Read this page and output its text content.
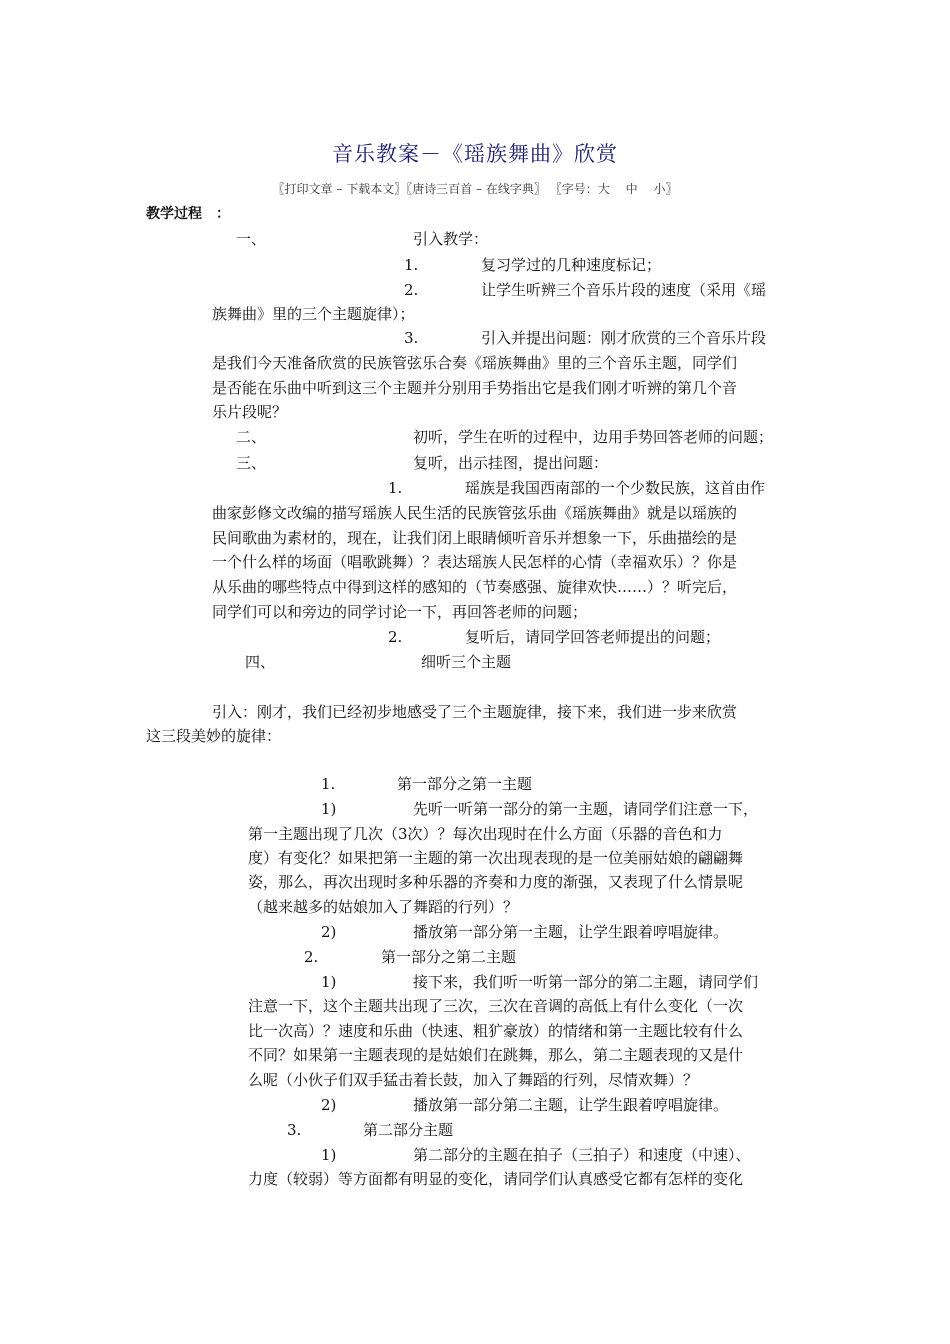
音乐教案－《瑶族舞曲》欣赏
〖打印文章 – 下载本文〗〖唐诗三百首 – 在线字典〗 〖字号：大　 中　 小〗
教学过程　：
一、	引入教学：
1.	复习学过的几种速度标记；
2.	让学生听辨三个音乐片段的速度（采用《瑶
族舞曲》里的三个主题旋律）；
3.	引入并提出问题：刚才欣赏的三个音乐片段
是我们今天准备欣赏的民族管弦乐合奏《瑶族舞曲》里的三个音乐主题，同学们
是否能在乐曲中听到这三个主题并分别用手势指出它是我们刚才听辨的第几个音
乐片段呢？
二、	初听，学生在听的过程中，边用手势回答老师的问题；
三、	复听，出示挂图，提出问题：
1.	瑶族是我国西南部的一个少数民族，这首由作
曲家彭修文改编的描写瑶族人民生活的民族管弦乐曲《瑶族舞曲》就是以瑶族的
民间歌曲为素材的，现在，让我们闭上眼睛倾听音乐并想象一下，乐曲描绘的是
一个什么样的场面（唱歌跳舞）？表达瑶族人民怎样的心情（幸福欢乐）？你是
从乐曲的哪些特点中得到这样的感知的（节奏感强、旋律欢快……）？听完后，
同学们可以和旁边的同学讨论一下，再回答老师的问题；
2.	复听后，请同学回答老师提出的问题；
四、	细听三个主题
引入：刚才，我们已经初步地感受了三个主题旋律，接下来，我们进一步来欣赏
这三段美妙的旋律：
1.	第一部分之第一主题
1)	先听一听第一部分的第一主题，请同学们注意一下，
第一主题出现了几次（3次）？每次出现时在什么方面（乐器的音色和力
度）有变化？如果把第一主题的第一次出现表现的是一位美丽姑娘的翩翩舞
姿，那么，再次出现时多种乐器的齐奏和力度的渐强，又表现了什么情景呢
（越来越多的姑娘加入了舞蹈的行列）？
2)	播放第一部分第一主题，让学生跟着哼唱旋律。
2.	第一部分之第二主题
1)	接下来，我们听一听第一部分的第二主题，请同学们
注意一下，这个主题共出现了三次，三次在音调的高低上有什么变化（一次
比一次高）？速度和乐曲（快速、粗犷豪放）的情绪和第一主题比较有什么
不同？如果第一主题表现的是姑娘们在跳舞，那么，第二主题表现的又是什
么呢（小伙子们双手猛击着长鼓，加入了舞蹈的行列，尽情欢舞）？
2)	播放第一部分第二主题，让学生跟着哼唱旋律。
3.	第二部分主题
1)	第二部分的主题在拍子（三拍子）和速度（中速）、
力度（较弱）等方面都有明显的变化，请同学们认真感受它都有怎样的变化
